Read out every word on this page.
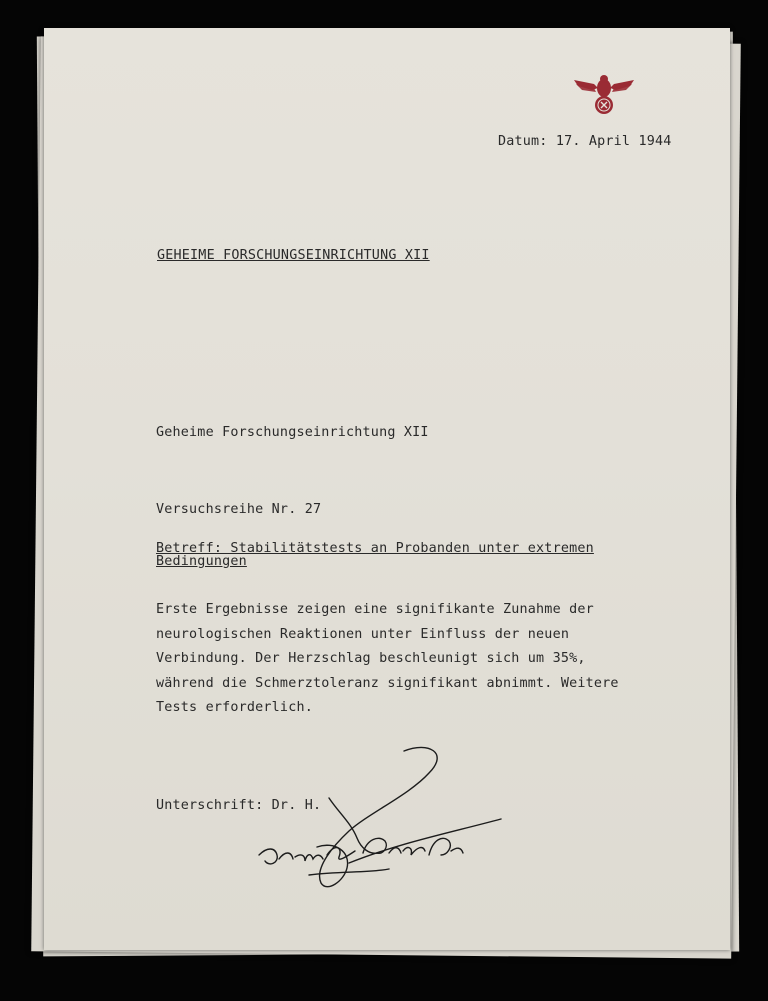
Datum: 17. April 1944
GEHEIME FORSCHUNGSEINRICHTUNG XII
Geheime Forschungseinrichtung XII
Versuchsreihe Nr. 27
Betreff: Stabilitätstests an Probanden unter extremen Bedingungen
Erste Ergebnisse zeigen eine signifikante Zunahme der neurologischen Reaktionen unter Einfluss der neuen Verbindung. Der Herzschlag beschleunigt sich um 35%, während die Schmerztoleranz signifikant abnimmt. Weitere Tests erforderlich.
Unterschrift: Dr. H.
